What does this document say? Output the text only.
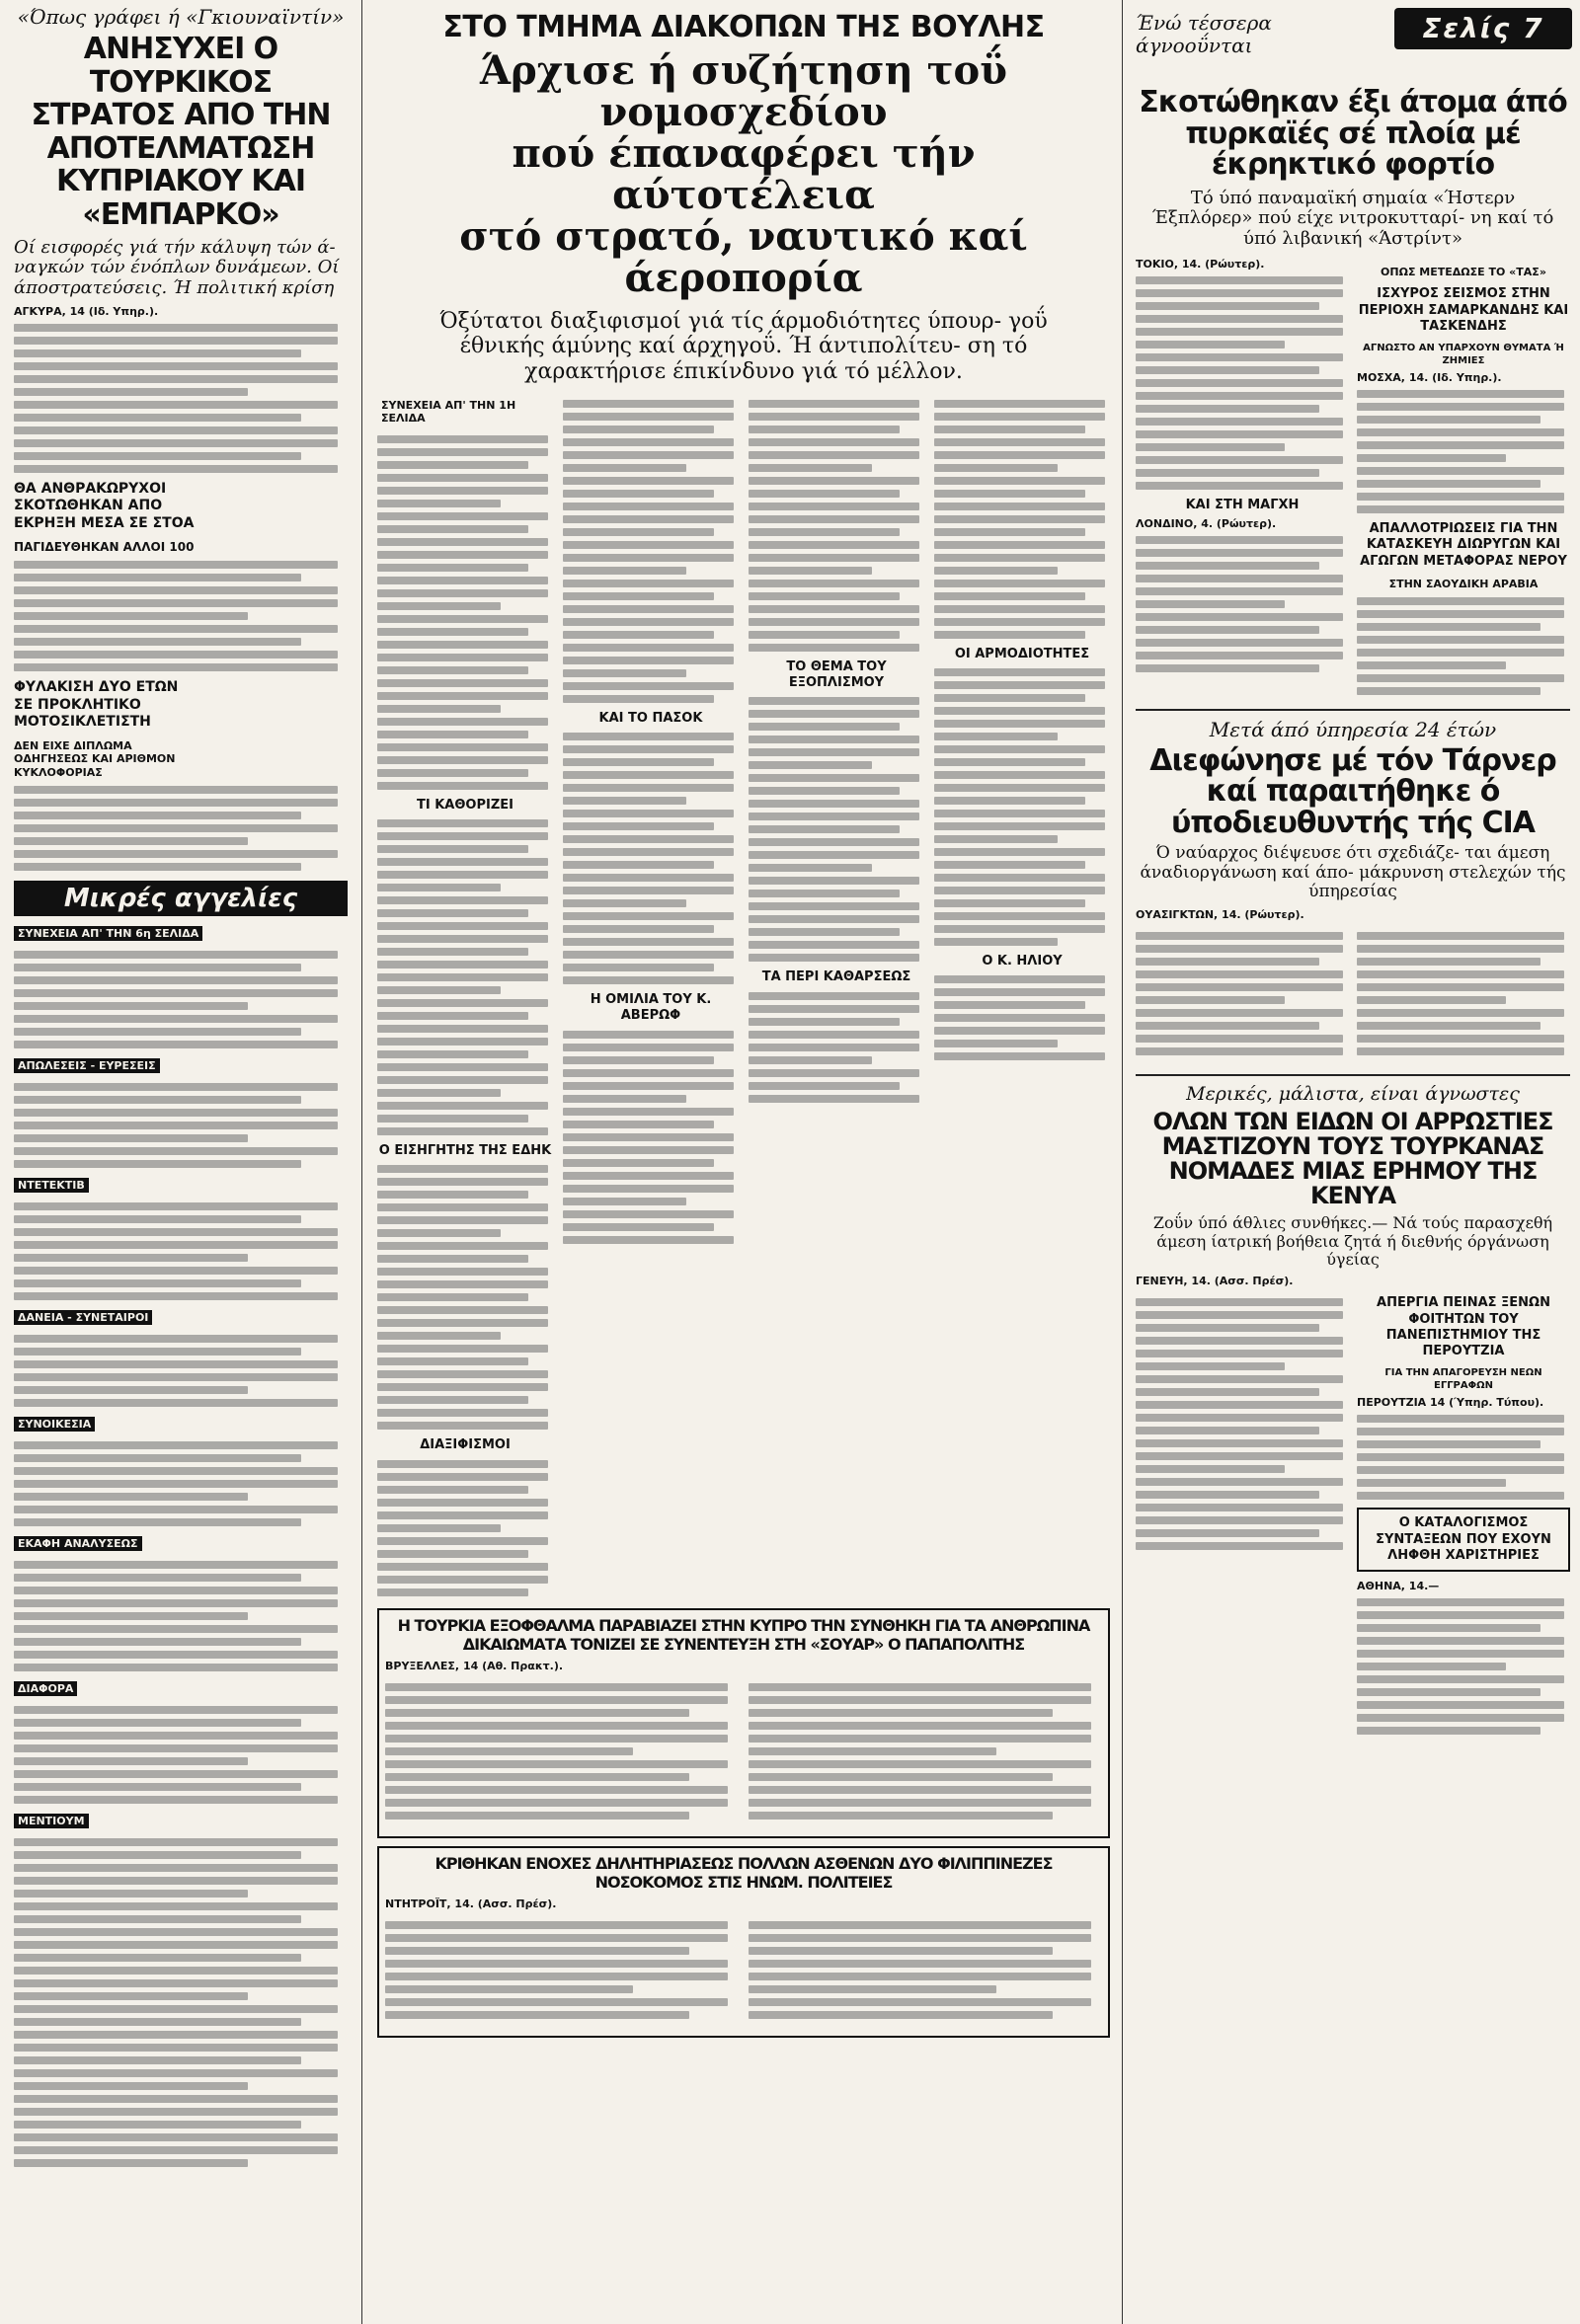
«Όπως γράφει ή «Γκιουναϊντίν»
ΑΝΗΣΥΧΕΙ Ο ΤΟΥΡΚΙΚΟΣ ΣΤΡΑΤΟΣ ΑΠΟ ΤΗΝ ΑΠΟΤΕΛΜΑΤΩΣΗ ΚΥΠΡΙΑΚΟΥ ΚΑΙ «ΕΜΠΑΡΚΟ»
Οί εισφορές γιά τήν κάλυψη τών ά- ναγκών τών ένόπλων δυνάμεων. Οί άποστρατεύσεις. Ή πολιτική κρίση
ΑΓΚΥΡΑ, 14 (Ιδ. Υπηρ.).
ΘΑ ΑΝΘΡΑΚΩΡΥΧΟΙ ΣΚΟΤΩΘΗΚΑΝ ΑΠΟ ΕΚΡΗΞΗ ΜΕΣΑ ΣΕ ΣΤΟΑ
ΠΑΓΙΔΕΥΘΗΚΑΝ ΑΛΛΟΙ 100
ΦΥΛΑΚΙΣΗ ΔΥΟ ΕΤΩΝ ΣΕ ΠΡΟΚΛΗΤΙΚΟ ΜΟΤΟΣΙΚΛΕΤΙΣΤΗ
ΔΕΝ ΕΙΧΕ ΔΙΠΛΩΜΑ ΟΔΗΓΗΣΕΩΣ ΚΑΙ ΑΡΙΘΜΟΝ ΚΥΚΛΟΦΟΡΙΑΣ
Μικρές αγγελίες
ΣΥΝΕΧΕΙΑ ΑΠ' ΤΗΝ 6η ΣΕΛΙΔΑ
ΑΠΩΛΕΣΕΙΣ - ΕΥΡΕΣΕΙΣ
ΝΤΕΤΕΚΤΙΒ
ΔΑΝΕΙΑ - ΣΥΝΕΤΑΙΡΟΙ
ΣΥΝΟΙΚΕΣΙΑ
ΕΚΑΦΗ ΑΝΑΛΥΣΕΩΣ
ΔΙΑΦΟΡΑ
ΜΕΝΤΙΟΥΜ
ΣΤΟ ΤΜΗΜΑ ΔΙΑΚΟΠΩΝ ΤΗΣ ΒΟΥΛΗΣ
Άρχισε ή συζήτηση τοΰ νομοσχεδίου
πού έπαναφέρει τήν αύτοτέλεια
στό στρατό, ναυτικό καί άεροπορία
Όξύτατοι διαξιφισμοί γιά τίς άρμοδιότητες ύπουρ- γοΰ έθνικής άμύνης καί άρχηγοΰ. Ή άντιπολίτευ- ση τό χαρακτήρισε έπικίνδυνο γιά τό μέλλον.
ΣΥΝΕΧΕΙΑ ΑΠ' ΤΗΝ 1Η ΣΕΛΙΔΑ
ΤΙ ΚΑΘΟΡΙΖΕΙ
Ο ΕΙΣΗΓΗΤΗΣ ΤΗΣ ΕΔΗΚ
ΔΙΑΞΙΦΙΣΜΟΙ
ΚΑΙ ΤΟ ΠΑΣΟΚ
Η ΟΜΙΛΙΑ ΤΟΥ Κ. ΑΒΕΡΩΦ
ΤΟ ΘΕΜΑ ΤΟΥ ΕΞΟΠΛΙΣΜΟΥ
ΤΑ ΠΕΡΙ ΚΑΘΑΡΣΕΩΣ
ΟΙ ΑΡΜΟΔΙΟΤΗΤΕΣ
Ο Κ. ΗΛΙΟΥ
Η ΤΟΥΡΚΙΑ ΕΞΟΦΘΑΛΜΑ ΠΑΡΑΒΙΑΖΕΙ ΣΤΗΝ ΚΥΠΡΟ ΤΗΝ ΣΥΝΘΗΚΗ ΓΙΑ ΤΑ ΑΝΘΡΩΠΙΝΑ ΔΙΚΑΙΩΜΑΤΑ ΤΟΝΙΖΕΙ ΣΕ ΣΥΝΕΝΤΕΥΞΗ ΣΤΗ «ΣΟΥΑΡ» Ο ΠΑΠΑΠΟΛΙΤΗΣ
ΒΡΥΞΕΛΛΕΣ, 14 (Αθ. Πρακτ.).
ΚΡΙΘΗΚΑΝ ΕΝΟΧΕΣ ΔΗΛΗΤΗΡΙΑΣΕΩΣ ΠΟΛΛΩΝ ΑΣΘΕΝΩΝ ΔΥΟ ΦΙΛΙΠΠΙΝΕΖΕΣ ΝΟΣΟΚΟΜΟΣ ΣΤΙΣ ΗΝΩΜ. ΠΟΛΙΤΕΙΕΣ
ΝΤΗΤΡΟΪΤ, 14. (Ασσ. Πρέσ).
Σελίς 7
Ένώ τέσσερα άγνοοΰνται
Σκοτώθηκαν έξι άτομα άπό πυρκαϊές σέ πλοία μέ έκρηκτικό φορτίο
Τό ύπό παναμαϊκή σημαία «Ήστερν Έξπλόρερ» πού είχε νιτροκυτταρί- νη καί τό ύπό λιβανική «Άστρίντ»
ΤΟΚΙΟ, 14. (Ρώυτερ).
ΚΑΙ ΣΤΗ ΜΑΓΧΗ
ΛΟΝΔΙΝΟ, 4. (Ρώυτερ).
ΟΠΩΣ ΜΕΤΕΔΩΣΕ ΤΟ «ΤΑΣ»
ΙΣΧΥΡΟΣ ΣΕΙΣΜΟΣ ΣΤΗΝ ΠΕΡΙΟΧΗ ΣΑΜΑΡΚΑΝΔΗΣ ΚΑΙ ΤΑΣΚΕΝΔΗΣ
ΑΓΝΩΣΤΟ ΑΝ ΥΠΑΡΧΟΥΝ ΘΥΜΑΤΑ Ή ΖΗΜΙΕΣ
ΜΟΣΧΑ, 14. (Ιδ. Υπηρ.).
ΑΠΑΛΛΟΤΡΙΩΣΕΙΣ ΓΙΑ ΤΗΝ ΚΑΤΑΣΚΕΥΗ ΔΙΩΡΥΓΩΝ ΚΑΙ ΑΓΩΓΩΝ ΜΕΤΑΦΟΡΑΣ ΝΕΡΟΥ
ΣΤΗΝ ΣΑΟΥΔΙΚΗ ΑΡΑΒΙΑ
Μετά άπό ύπηρεσία 24 έτών
Διεφώνησε μέ τόν Τάρνερ καί παραιτήθηκε ό ύποδιευθυντής τής CIA
Ό ναύαρχος διέψευσε ότι σχεδιάζε- ται άμεση άναδιοργάνωση καί άπο- μάκρυνση στελεχών τής ύπηρεσίας
ΟΥΑΣΙΓΚΤΩΝ, 14. (Ρώυτερ).
Μερικές, μάλιστα, είναι άγνωστες
ΟΛΩΝ ΤΩΝ ΕΙΔΩΝ ΟΙ ΑΡΡΩΣΤΙΕΣ ΜΑΣΤΙΖΟΥΝ ΤΟΥΣ ΤΟΥΡΚΑΝΑΣ ΝΟΜΑΔΕΣ ΜΙΑΣ ΕΡΗΜΟΥ ΤΗΣ ΚΕΝΥΑ
Ζοΰν ύπό άθλιες συνθήκες.— Νά τούς παρασχεθή άμεση ίατρική βοήθεια ζητά ή διεθνής όργάνωση ύγείας
ΓΕΝΕΥΗ, 14. (Ασσ. Πρέσ).
ΑΠΕΡΓΙΑ ΠΕΙΝΑΣ ΞΕΝΩΝ ΦΟΙΤΗΤΩΝ ΤΟΥ ΠΑΝΕΠΙΣΤΗΜΙΟΥ ΤΗΣ ΠΕΡΟΥΤΖΙΑ
ΓΙΑ ΤΗΝ ΑΠΑΓΟΡΕΥΣΗ ΝΕΩΝ ΕΓΓΡΑΦΩΝ
ΠΕΡΟΥΤΖΙΑ 14 (Ύπηρ. Τύπου).
Ο ΚΑΤΑΛΟΓΙΣΜΟΣ ΣΥΝΤΑΞΕΩΝ ΠΟΥ ΕΧΟΥΝ ΛΗΦΘΗ ΧΑΡΙΣΤΗΡΙΕΣ
ΑΘΗΝΑ, 14.—
